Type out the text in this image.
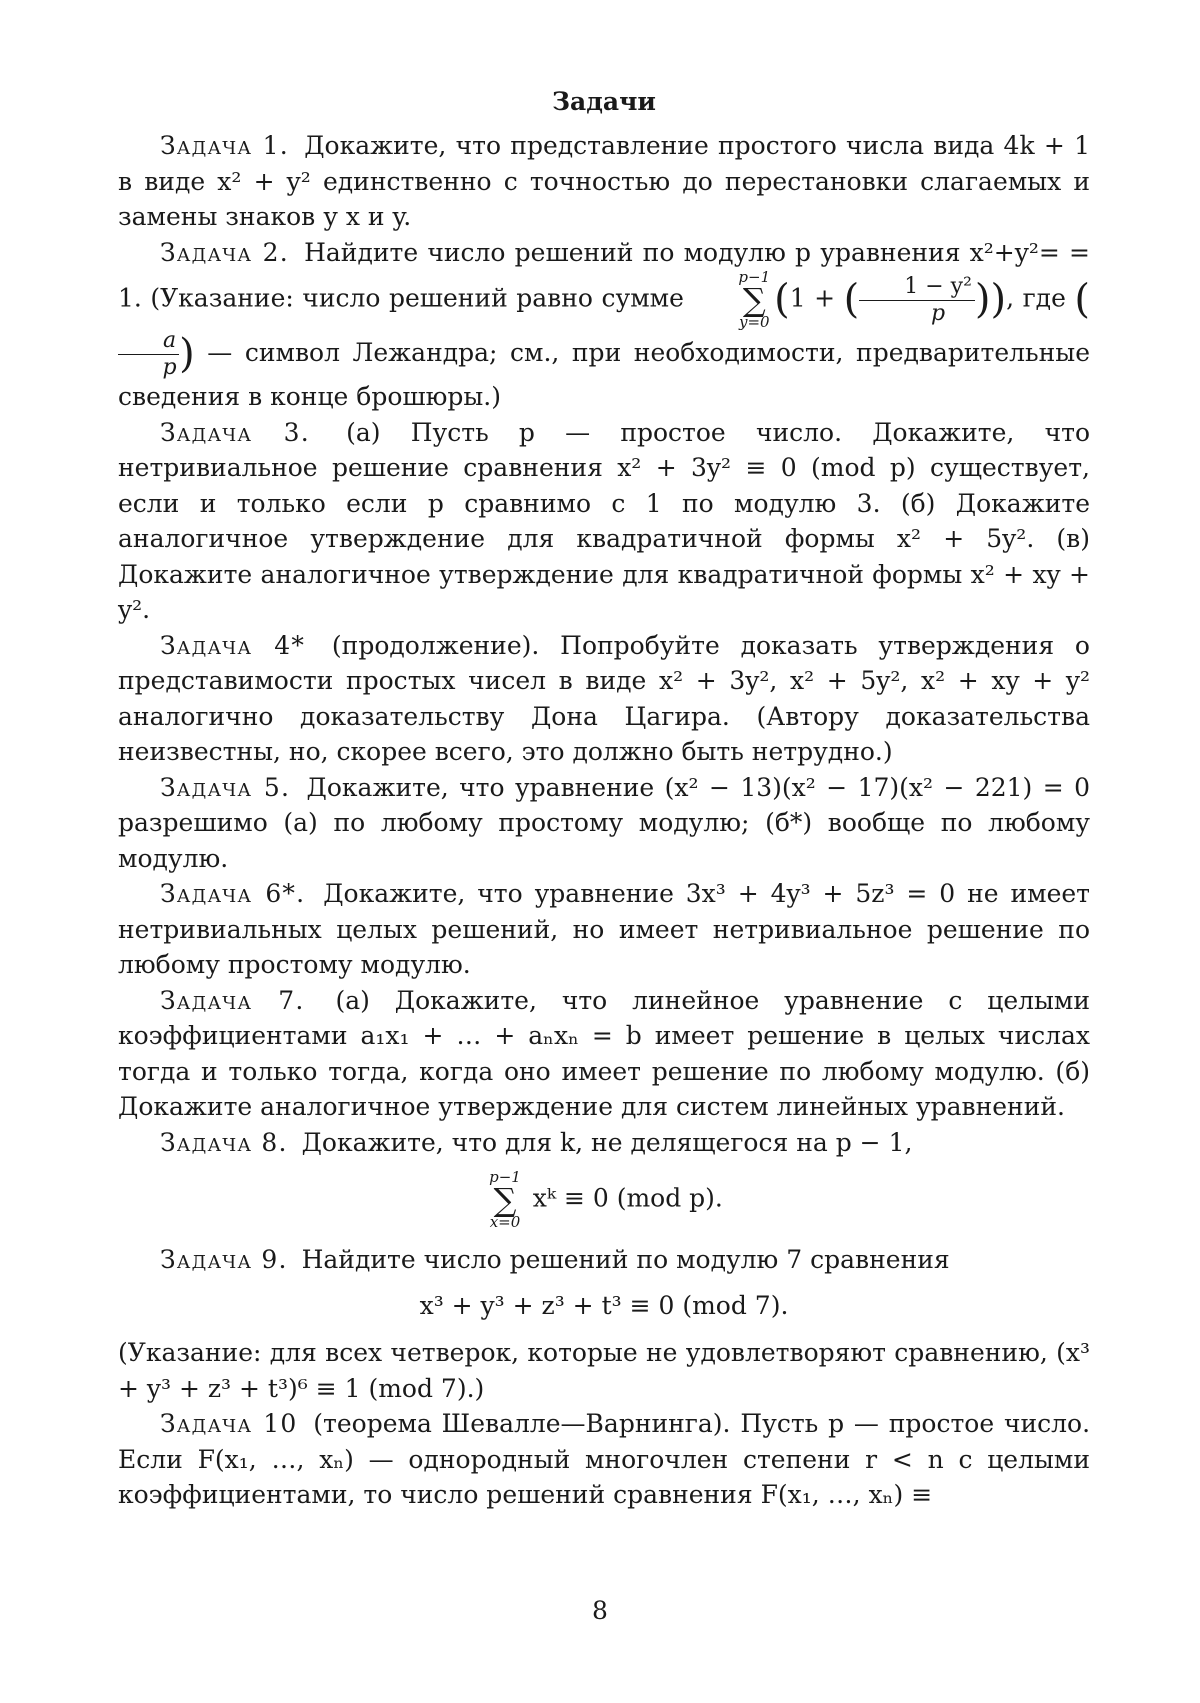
Задачи

Задача 1. Докажите, что представление простого числа вида 4k + 1 в виде x² + y² единственно с точностью до перестановки слагаемых и замены знаков у x и y.

Задача 2. Найдите число решений по модулю p уравнения x²+y²= = 1. (Указание: число решений равно сумме
p−1
∑
y=0 (1 + (	1 − y²
p )), где (
a
p ) — символ Лежандра; см., при необходимости, предварительные сведения в конце брошюры.)

Задача 3. (а) Пусть p — простое число. Докажите, что нетривиальное решение сравнения x² + 3y² ≡ 0 (mod p) существует, если и только если p сравнимо с 1 по модулю 3. (б) Докажите аналогичное утверждение для квадратичной формы x² + 5y². (в) Докажите аналогичное утверждение для квадратичной формы x² + xy + y².

Задача 4* (продолжение). Попробуйте доказать утверждения о представимости простых чисел в виде x² + 3y², x² + 5y², x² + xy + y² аналогично доказательству Дона Цагира. (Автору доказательства неизвестны, но, скорее всего, это должно быть нетрудно.)

Задача 5. Докажите, что уравнение (x² − 13)(x² − 17)(x² − 221) = 0 разрешимо (а) по любому простому модулю; (б*) вообще по любому модулю.

Задача 6*. Докажите, что уравнение 3x³ + 4y³ + 5z³ = 0 не имеет нетривиальных целых решений, но имеет нетривиальное решение по любому простому модулю.

Задача 7. (а) Докажите, что линейное уравнение с целыми коэффициентами a₁x₁ + … + aₙxₙ = b имеет решение в целых числах тогда и только тогда, когда оно имеет решение по любому модулю. (б) Докажите аналогичное утверждение для систем линейных уравнений.

Задача 8. Докажите, что для k, не делящегося на p − 1,

p−1
∑
x=0
xᵏ ≡ 0 (mod p).

Задача 9. Найдите число решений по модулю 7 сравнения

x³ + y³ + z³ + t³ ≡ 0 (mod 7).

(Указание: для всех четверок, которые не удовлетворяют сравнению, (x³ + y³ + z³ + t³)⁶ ≡ 1 (mod 7).)

Задача 10 (теорема Шевалле—Варнинга). Пусть p — простое число. Если F(x₁, …, xₙ) — однородный многочлен степени r < n с целыми коэффициентами, то число решений сравнения F(x₁, …, xₙ) ≡

8
